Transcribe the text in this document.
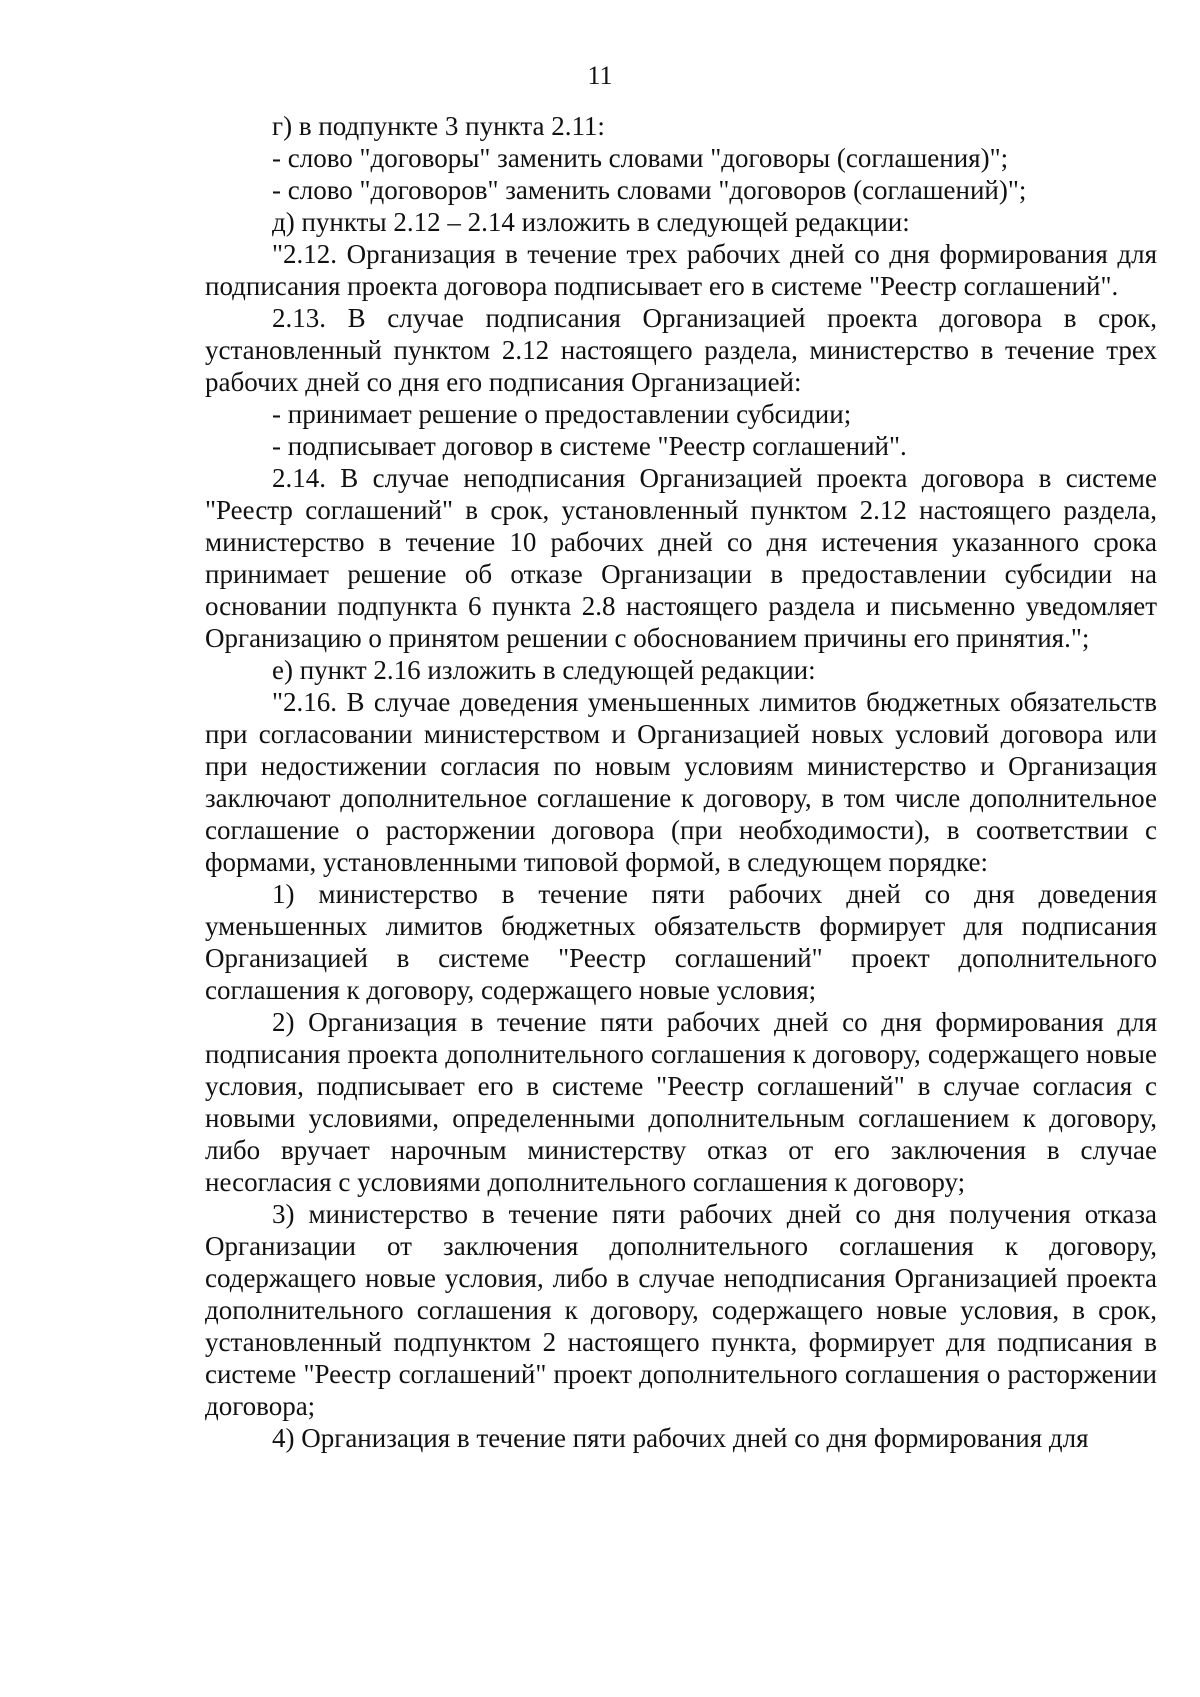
11

г) в подпункте 3 пункта 2.11:

- слово "договоры" заменить словами "договоры (соглашения)";

- слово "договоров" заменить словами "договоров (соглашений)";

д) пункты 2.12 – 2.14 изложить в следующей редакции:

"2.12. Организация в течение трех рабочих дней со дня формирования для подписания проекта договора подписывает его в системе "Реестр соглашений".

2.13. В случае подписания Организацией проекта договора в срок, установленный пунктом 2.12 настоящего раздела, министерство в течение трех рабочих дней со дня его подписания Организацией:

- принимает решение о предоставлении субсидии;

- подписывает договор в системе "Реестр соглашений".

2.14. В случае неподписания Организацией проекта договора в системе "Реестр соглашений" в срок, установленный пунктом 2.12 настоящего раздела, министерство в течение 10 рабочих дней со дня истечения указанного срока принимает решение об отказе Организации в предоставлении субсидии на основании подпункта 6 пункта 2.8 настоящего раздела и письменно уведомляет Организацию о принятом решении с обоснованием причины его принятия.";

е) пункт 2.16 изложить в следующей редакции:

"2.16. В случае доведения уменьшенных лимитов бюджетных обязательств при согласовании министерством и Организацией новых условий договора или при недостижении согласия по новым условиям министерство и Организация заключают дополнительное соглашение к договору, в том числе дополнительное соглашение о расторжении договора (при необходимости), в соответствии с формами, установленными типовой формой, в следующем порядке:

1) министерство в течение пяти рабочих дней со дня доведения уменьшенных лимитов бюджетных обязательств формирует для подписания Организацией в системе "Реестр соглашений" проект дополнительного соглашения к договору, содержащего новые условия;

2) Организация в течение пяти рабочих дней со дня формирования для подписания проекта дополнительного соглашения к договору, содержащего новые условия, подписывает его в системе "Реестр соглашений" в случае согласия с новыми условиями, определенными дополнительным соглашением к договору, либо вручает нарочным министерству отказ от его заключения в случае несогласия с условиями дополнительного соглашения к договору;

3) министерство в течение пяти рабочих дней со дня получения отказа Организации от заключения дополнительного соглашения к договору, содержащего новые условия, либо в случае неподписания Организацией проекта дополнительного соглашения к договору, содержащего новые условия, в срок, установленный подпунктом 2 настоящего пункта, формирует для подписания в системе "Реестр соглашений" проект дополнительного соглашения о расторжении договора;

4) Организация в течение пяти рабочих дней со дня формирования для
